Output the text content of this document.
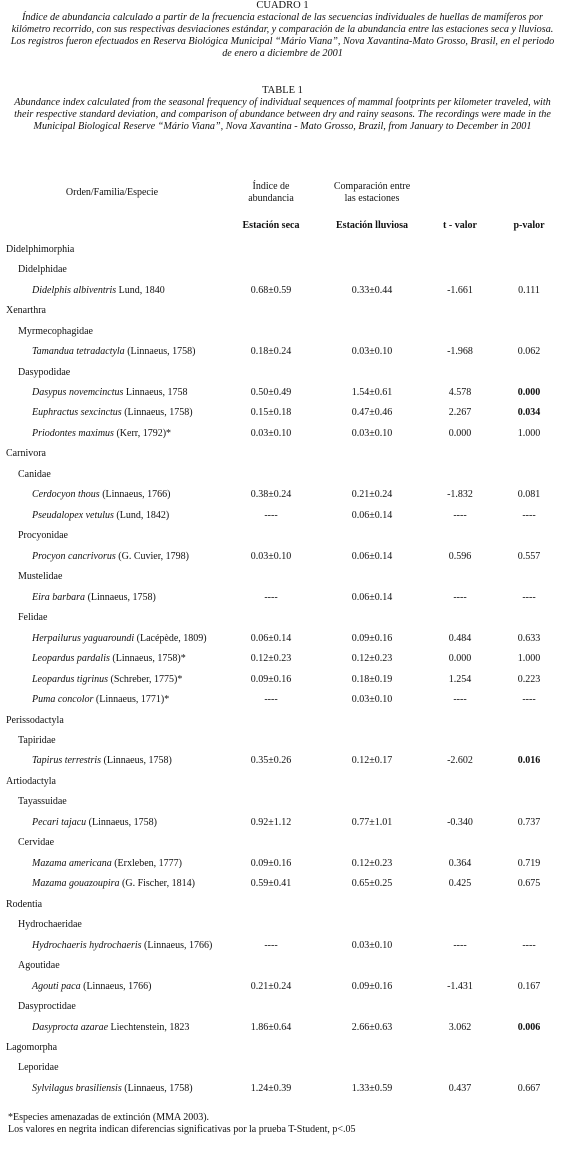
CUADRO 1
Índice de abundancia calculado a partir de la frecuencia estacional de las secuencias individuales de huellas de mamíferos por kilómetro recorrido, con sus respectivas desviaciones estándar, y comparación de la abundancia entre las estaciones seca y lluviosa. Los registros fueron efectuados en Reserva Biológica Municipal “Mário Viana”, Nova Xavantina-Mato Grosso, Brasil, en el periodo de enero a diciembre de 2001
TABLE 1
Abundance index calculated from the seasonal frequency of individual sequences of mammal footprints per kilometer traveled, with their respective standard deviation, and comparison of abundance between dry and rainy seasons. The recordings were made in the Municipal Biological Reserve “Mário Viana”, Nova Xavantina - Mato Grosso, Brazil, from January to December in 2001
Orden/Familia/Especie	Índice de abundancia	Comparación entre las estaciones		
	Estación seca	Estación lluviosa	t - valor	p-valor
Didelphimorphia				
Didelphidae				
Didelphis albiventris Lund, 1840	0.68±0.59	0.33±0.44	-1.661	0.111
Xenarthra				
Myrmecophagidae				
Tamandua tetradactyla (Linnaeus, 1758)	0.18±0.24	0.03±0.10	-1.968	0.062
Dasypodidae				
Dasypus novemcinctus Linnaeus, 1758	0.50±0.49	1.54±0.61	4.578	0.000
Euphractus sexcinctus (Linnaeus, 1758)	0.15±0.18	0.47±0.46	2.267	0.034
Priodontes maximus (Kerr, 1792)*	0.03±0.10	0.03±0.10	0.000	1.000
Carnivora				
Canidae				
Cerdocyon thous (Linnaeus, 1766)	0.38±0.24	0.21±0.24	-1.832	0.081
Pseudalopex vetulus (Lund, 1842)	----	0.06±0.14	----	----
Procyonidae				
Procyon cancrivorus (G. Cuvier, 1798)	0.03±0.10	0.06±0.14	0.596	0.557
Mustelidae				
Eira barbara (Linnaeus, 1758)	----	0.06±0.14	----	----
Felidae				
Herpailurus yaguaroundi (Lacépède, 1809)	0.06±0.14	0.09±0.16	0.484	0.633
Leopardus pardalis (Linnaeus, 1758)*	0.12±0.23	0.12±0.23	0.000	1.000
Leopardus tigrinus (Schreber, 1775)*	0.09±0.16	0.18±0.19	1.254	0.223
Puma concolor (Linnaeus, 1771)*	----	0.03±0.10	----	----
Perissodactyla				
Tapiridae				
Tapirus terrestris (Linnaeus, 1758)	0.35±0.26	0.12±0.17	-2.602	0.016
Artiodactyla				
Tayassuidae				
Pecari tajacu (Linnaeus, 1758)	0.92±1.12	0.77±1.01	-0.340	0.737
Cervidae				
Mazama americana (Erxleben, 1777)	0.09±0.16	0.12±0.23	0.364	0.719
Mazama gouazoupira (G. Fischer, 1814)	0.59±0.41	0.65±0.25	0.425	0.675
Rodentia				
Hydrochaeridae				
Hydrochaeris hydrochaeris (Linnaeus, 1766)	----	0.03±0.10	----	----
Agoutidae				
Agouti paca (Linnaeus, 1766)	0.21±0.24	0.09±0.16	-1.431	0.167
Dasyproctidae				
Dasyprocta azarae Liechtenstein, 1823	1.86±0.64	2.66±0.63	3.062	0.006
Lagomorpha				
Leporidae				
Sylvilagus brasiliensis (Linnaeus, 1758)	1.24±0.39	1.33±0.59	0.437	0.667
*Especies amenazadas de extinción (MMA 2003).
Los valores en negrita indican diferencias significativas por la prueba T-Student, p<.05
